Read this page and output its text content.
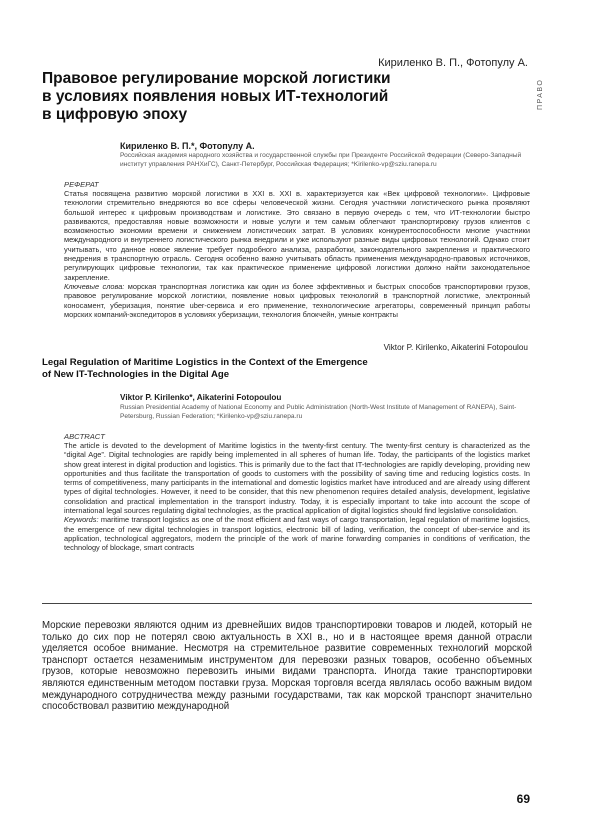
Кириленко В. П., Фотопулу А.
ПРАВО
Правовое регулирование морской логистики
в условиях появления новых ИТ-технологий
в цифровую эпоху
Кириленко В. П.*, Фотопулу А.
Российская академия народного хозяйства и государственной службы при Президенте Российской Федерации (Северо-Западный институт управления РАНХиГС), Санкт-Петербург, Российская Федерация; *Kirilenko-vp@sziu.ranepa.ru
РЕФЕРАТ

Статья посвящена развитию морской логистики в XXI в. XXI в. характеризуется как «Век цифровой технологии». Цифровые технологии стремительно внедряются во все сферы человеческой жизни. Сегодня участники логистического рынка проявляют большой интерес к цифровым производствам и логистике. Это связано в первую очередь с тем, что ИТ-технологии быстро развиваются, предоставляя новые возможности и новые услуги и тем самым облегчают транспортировку грузов клиентов с возможностью экономии времени и снижением логистических затрат. В условиях конкурентоспособности многие участники международного и внутреннего логистического рынка внедрили и уже используют разные виды цифровых технологий. Однако стоит учитывать, что данное новое явление требует подробного анализа, разработки, законодательного закрепления и практического внедрения в транспортную отрасль. Сегодня особенно важно учитывать область применения международно-правовых источников, регулирующих цифровые технологии, так как практическое применение цифровой логистики должно найти законодательное закрепление.

Ключевые слова: морская транспортная логистика как один из более эффективных и быстрых способов транспортировки грузов, правовое регулирование морской логистики, появление новых цифровых технологий в транспортной логистике, электронный коносамент, уберизация, понятие uber-сервиса и его применение, технологические агрегаторы, современный принцип работы морских компаний-экспедиторов в условиях уберизации, технология блокчейн, умные контракты

Viktor P. Kirilenko, Aikaterini Fotopoulou
Legal Regulation of Maritime Logistics in the Context of the Emergence
of New IT-Technologies in the Digital Age
Viktor P. Kirilenko*, Aikaterini Fotopoulou
Russian Presidential Academy of National Economy and Public Administration (North-West Institute of Management of RANEPA), Saint-Petersburg, Russian Federation; *Kirilenko-vp@sziu.ranepa.ru
ABCTRACT

The article is devoted to the development of Maritime logistics in the twenty-first century. The twenty-first century is characterized as the “digital Age”. Digital technologies are rapidly being implemented in all spheres of human life. Today, the participants of the logistics market show great interest in digital production and logistics. This is primarily due to the fact that IT-technologies are rapidly developing, providing new opportunities and thus facilitate the transportation of goods to customers with the possibility of saving time and reducing logistics costs. In terms of competitiveness, many participants in the international and domestic logistics market have introduced and are already using different types of digital technologies. However, it need to be consider, that this new phenomenon requires detailed analysis, development, legislative consolidation and practical implementation in the transport industry. Today, it is especially important to take into account the scope of international legal sources regulating digital technologies, as the practical application of digital logistics should find legislative consolidation.

Keywords: maritime transport logistics as one of the most efficient and fast ways of cargo transportation, legal regulation of maritime logistics, the emergence of new digital technologies in transport logistics, electronic bill of lading, verification, the concept of uber-service and its application, technological aggregators, modern the principle of the work of marine forwarding companies in conditions of verification, the technology of blockage, smart contracts

Морские перевозки являются одним из древнейших видов транспортировки товаров и людей, который не только до сих пор не потерял свою актуальность в XXI в., но и в настоящее время данной отрасли уделяется особое внимание. Несмотря на стремительное развитие современных технологий морской транспорт остается незаменимым инструментом для перевозки разных товаров, особенно объемных грузов, которые невозможно перевозить иными видами транспорта. Иногда такие транспортировки являются единственным методом поставки груза. Морская торговля всегда являлась особо важным видом международного сотрудничества между разными государствами, так как морской транспорт значительно способствовал развитию международной
69
